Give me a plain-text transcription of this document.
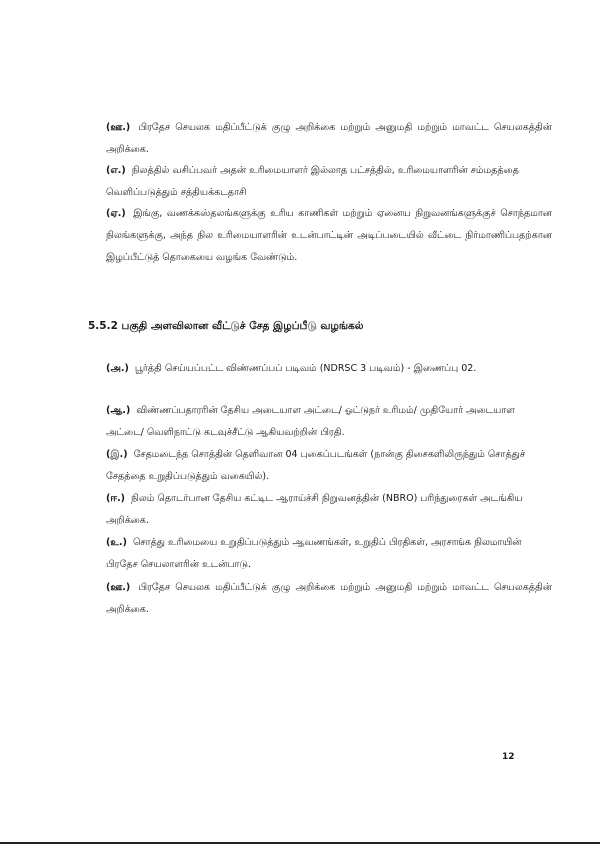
(ஊ.) பிரதேச செயலக மதிப்பீட்டுக் குழு அறிக்கை மற்றும் அனுமதி மற்றும் மாவட்ட செயலகத்தின் அறிக்கை.

(எ.) நிலத்தில் வசிப்பவர் அதன் உரிமையாளர் இல்லாத பட்சத்தில், உரிமையாளரின் சம்மதத்தை வெளிப்படுத்தும் சத்தியக்கடதாசி

(ஏ.) இங்கு, வணக்கஸ்தலங்களுக்கு உரிய காணிகள் மற்றும் ஏனைய நிறுவனங்களுக்குச் சொந்தமான நிலங்களுக்கு, அந்த நில உரிமையாளரின் உடன்பாட்டின் அடிப்படையில் வீட்டை நிர்மாணிப்பதற்கான இழப்பீட்டுத் தொகையை வழங்க வேண்டும்.

5.5.2 பகுதி அளவிலான வீட்டுச் சேத இழப்பீடு வழங்கல்

(அ.) பூர்த்தி செய்யப்பட்ட விண்ணப்பப் படிவம் (NDRSC 3 படிவம்) - இணைப்பு 02.

(ஆ.) விண்ணப்பதாரரின் தேசிய அடையாள அட்டை/ ஓட்டுநர் உரிமம்/ முதியோர் அடையாள அட்டை/ வெளிநாட்டு கடவுச்சீட்டு ஆகியவற்றின் பிரதி.

(இ.) சேதமடைந்த சொத்தின் தெளிவான 04 புகைப்படங்கள் (நான்கு திசைகளிலிருந்தும் சொத்துச் சேதத்தை உறுதிப்படுத்தும் வகையில்).

(ஈ.) நிலம் தொடர்பான தேசிய கட்டிட ஆராய்ச்சி நிறுவனத்தின் (NBRO) பரிந்துரைகள் அடங்கிய அறிக்கை.

(உ.) சொத்து உரிமையை உறுதிப்படுத்தும் ஆவணங்கள், உறுதிப் பிரதிகள், அரசாங்க நிலமாயின் பிரதேச செயலாளரின் உடன்பாடு.

(ஊ.) பிரதேச செயலக மதிப்பீட்டுக் குழு அறிக்கை மற்றும் அனுமதி மற்றும் மாவட்ட செயலகத்தின் அறிக்கை.

12
